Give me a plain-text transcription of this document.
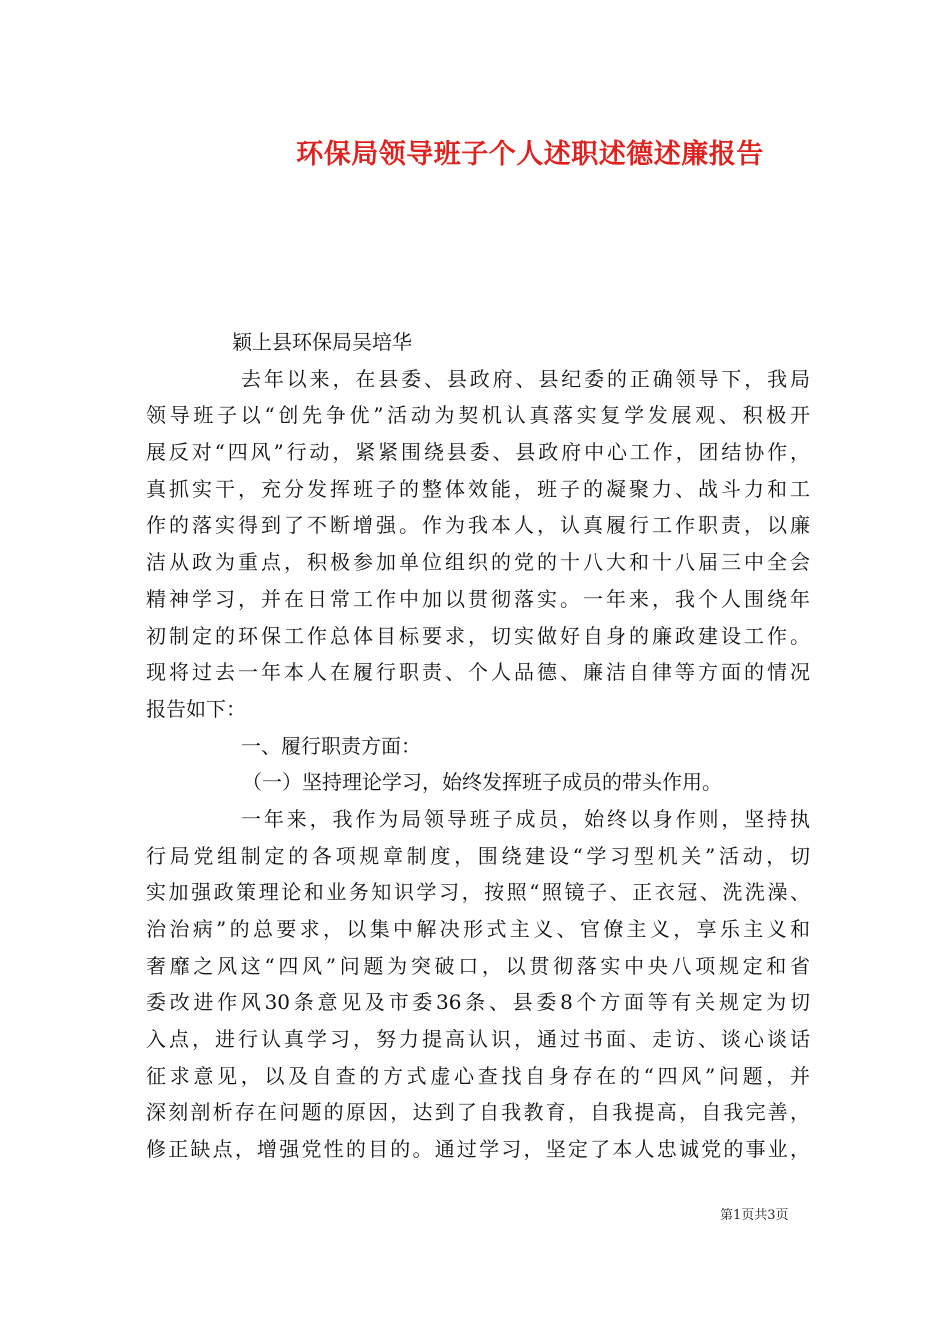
环保局领导班子个人述职述德述廉报告
颖上县环保局吴培华
去年以来，在县委、县政府、县纪委的正确领导下，我局
领导班子以“创先争优”活动为契机认真落实复学发展观、积极开
展反对“四风”行动，紧紧围绕县委、县政府中心工作，团结协作，
真抓实干，充分发挥班子的整体效能，班子的凝聚力、战斗力和工
作的落实得到了不断增强。作为我本人，认真履行工作职责，以廉
洁从政为重点，积极参加单位组织的党的十八大和十八届三中全会
精神学习，并在日常工作中加以贯彻落实。一年来，我个人围绕年
初制定的环保工作总体目标要求，切实做好自身的廉政建设工作。
现将过去一年本人在履行职责、个人品德、廉洁自律等方面的情况
报告如下：
一、履行职责方面：
（一）坚持理论学习，始终发挥班子成员的带头作用。
一年来，我作为局领导班子成员，始终以身作则，坚持执
行局党组制定的各项规章制度，围绕建设“学习型机关”活动，切
实加强政策理论和业务知识学习，按照“照镜子、正衣冠、洗洗澡、
治治病”的总要求，以集中解决形式主义、官僚主义，享乐主义和
奢靡之风这“四风”问题为突破口，以贯彻落实中央八项规定和省
委改进作风30条意见及市委36条、县委8个方面等有关规定为切
入点，进行认真学习，努力提高认识，通过书面、走访、谈心谈话
征求意见，以及自查的方式虚心查找自身存在的“四风”问题，并
深刻剖析存在问题的原因，达到了自我教育，自我提高，自我完善，
修正缺点，增强党性的目的。通过学习，坚定了本人忠诚党的事业，
第1页共3页
